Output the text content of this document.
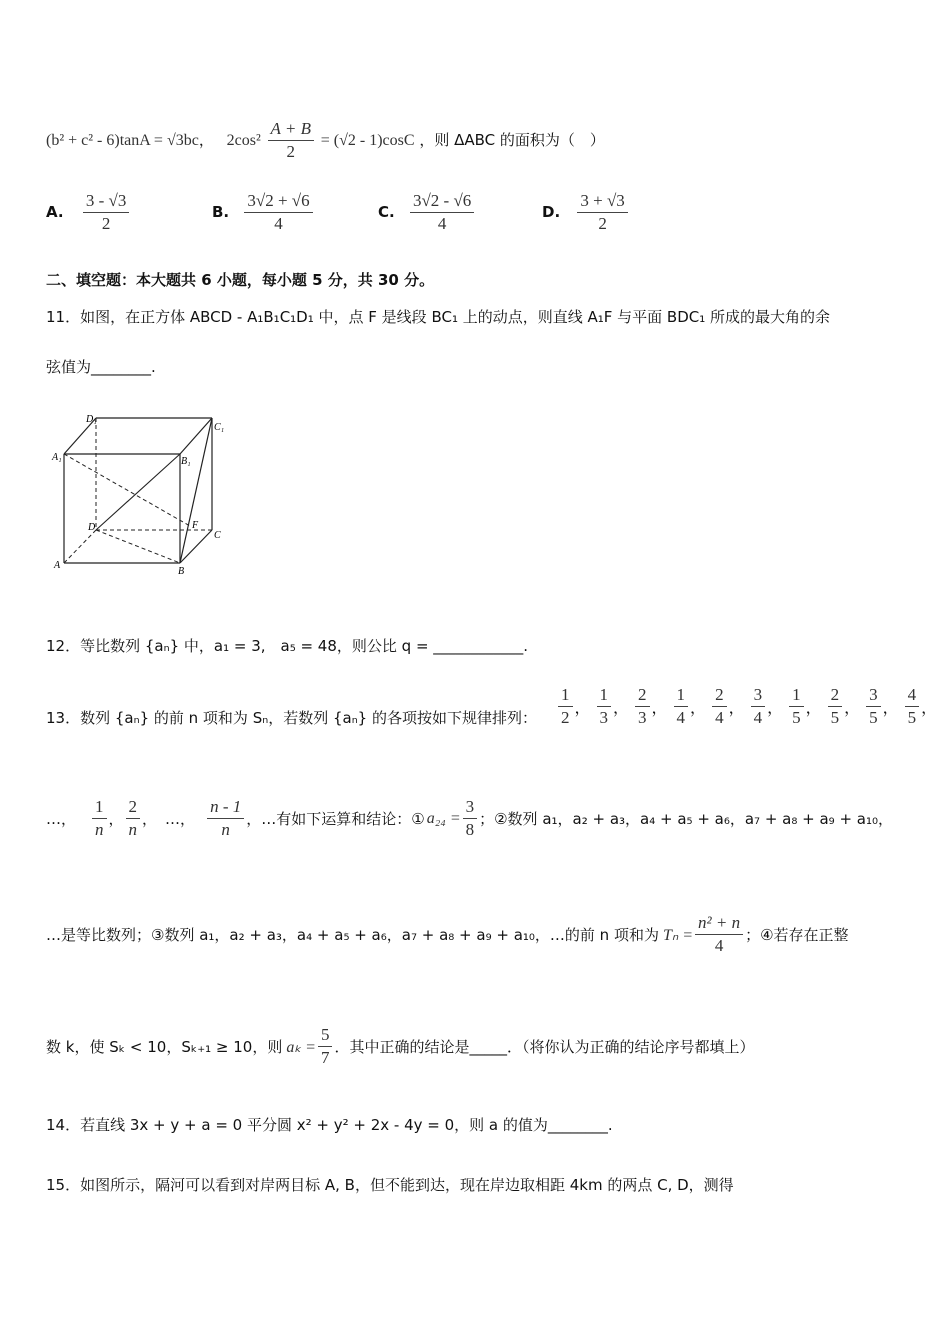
(b² + c² - 6)tanA = √3bc， $2\cos^2 \frac{A + B}{2} = (√2 - 1)\cos C$ ，则 ΔABC 的面积为（　）
A. $\frac{3 - √3}{2}$	B. $\frac{3√2 + √6}{4}$	C. $\frac{3√2 - √6}{4}$	D. $\frac{3 + √3}{2}$
二、填空题：本大题共 6 小题，每小题 5 分，共 30 分。
11．如图，在正方体 ABCD - A₁B₁C₁D₁ 中，点 F 是线段 BC₁ 上的动点，则直线 A₁F 与平面 BDC₁ 所成的最大角的余
弦值为________.
D₁
C₁
A₁	B₁
D	F
C
A
B
12．等比数列 {aₙ} 中，a₁ = 3,　a₅ = 48，则公比 q = ____________.
13．数列 {aₙ} 的前 n 项和为 Sₙ，若数列 {aₙ} 的各项按如下规律排列： $\frac{1}{2}$ ， $\frac{1}{3}$ ， $\frac{2}{3}$ ， $\frac{1}{4}$ ， $\frac{2}{4}$ ， $\frac{3}{4}$ ， $\frac{1}{5}$ ， $\frac{2}{5}$ ， $\frac{3}{5}$ ， $\frac{4}{5}$ ，
…， $\frac{1}{n}$ ， $\frac{2}{n}$ ， …， $\frac{n - 1}{n}$ ，…有如下运算和结论：① $a_{24} = \frac{3}{8}$ ；②数列 a₁，a₂ + a₃，a₄ + a₅ + a₆，a₇ + a₈ + a₉ + a₁₀，
…是等比数列；③数列 a₁，a₂ + a₃，a₄ + a₅ + a₆，a₇ + a₈ + a₉ + a₁₀，…的前 n 项和为 $T_n = \frac{\text{n² + n}}{4}$ ；④若存在正整
数 k，使 Sₖ < 10，Sₖ₊₁ ≥ 10，则 $a_k = \frac{5}{7}$ ．其中正确的结论是_____．（将你认为正确的结论序号都填上）
14．若直线 3x + y + a = 0 平分圆 x² + y² + 2x - 4y = 0，则 a 的值为________.
15．如图所示，隔河可以看到对岸两目标 A, B，但不能到达，现在岸边取相距 4km 的两点 C, D，测得
